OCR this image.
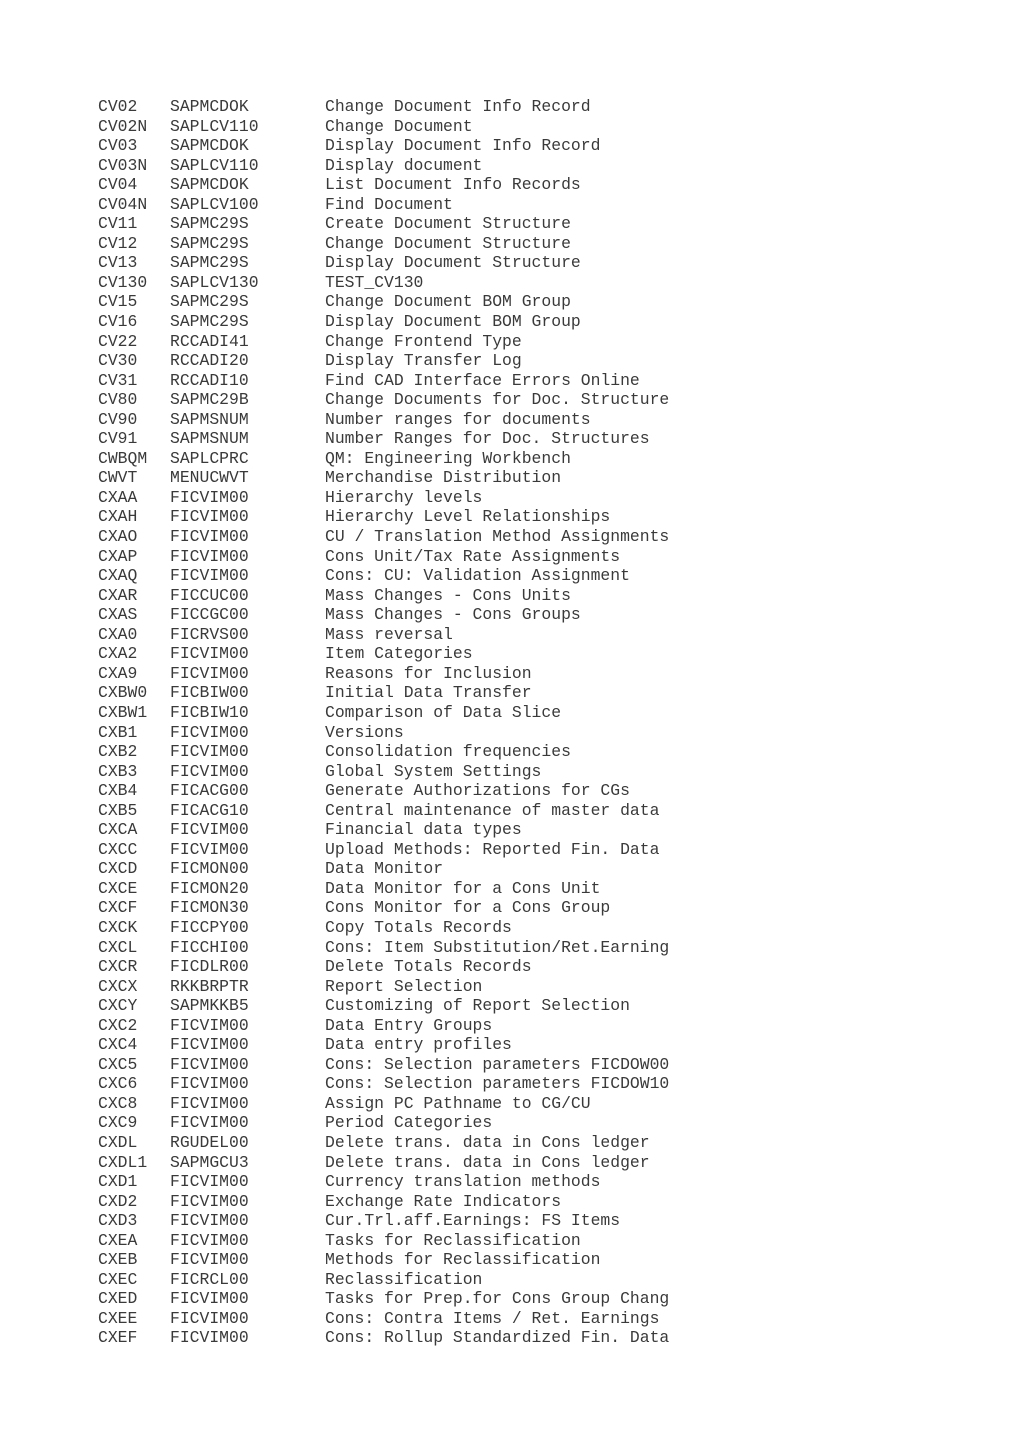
CV02	SAPMCDOK	Change Document Info Record
CV02N	SAPLCV110	Change Document
CV03	SAPMCDOK	Display Document Info Record
CV03N	SAPLCV110	Display document
CV04	SAPMCDOK	List Document Info Records
CV04N	SAPLCV100	Find Document
CV11	SAPMC29S	Create Document Structure
CV12	SAPMC29S	Change Document Structure
CV13	SAPMC29S	Display Document Structure
CV130	SAPLCV130	TEST_CV130
CV15	SAPMC29S	Change Document BOM Group
CV16	SAPMC29S	Display Document BOM Group
CV22	RCCADI41	Change Frontend Type
CV30	RCCADI20	Display Transfer Log
CV31	RCCADI10	Find CAD Interface Errors Online
CV80	SAPMC29B	Change Documents for Doc. Structure
CV90	SAPMSNUM	Number ranges for documents
CV91	SAPMSNUM	Number Ranges for Doc. Structures
CWBQM	SAPLCPRC	QM: Engineering Workbench
CWVT	MENUCWVT	Merchandise Distribution
CXAA	FICVIM00	Hierarchy levels
CXAH	FICVIM00	Hierarchy Level Relationships
CXAO	FICVIM00	CU / Translation Method Assignments
CXAP	FICVIM00	Cons Unit/Tax Rate Assignments
CXAQ	FICVIM00	Cons: CU: Validation Assignment
CXAR	FICCUC00	Mass Changes - Cons Units
CXAS	FICCGC00	Mass Changes - Cons Groups
CXA0	FICRVS00	Mass reversal
CXA2	FICVIM00	Item Categories
CXA9	FICVIM00	Reasons for Inclusion
CXBW0	FICBIW00	Initial Data Transfer
CXBW1	FICBIW10	Comparison of Data Slice
CXB1	FICVIM00	Versions
CXB2	FICVIM00	Consolidation frequencies
CXB3	FICVIM00	Global System Settings
CXB4	FICACG00	Generate Authorizations for CGs
CXB5	FICACG10	Central maintenance of master data
CXCA	FICVIM00	Financial data types
CXCC	FICVIM00	Upload Methods: Reported Fin. Data
CXCD	FICMON00	Data Monitor
CXCE	FICMON20	Data Monitor for a Cons Unit
CXCF	FICMON30	Cons Monitor for a Cons Group
CXCK	FICCPY00	Copy Totals Records
CXCL	FICCHI00	Cons: Item Substitution/Ret.Earning
CXCR	FICDLR00	Delete Totals Records
CXCX	RKKBRPTR	Report Selection
CXCY	SAPMKKB5	Customizing of Report Selection
CXC2	FICVIM00	Data Entry Groups
CXC4	FICVIM00	Data entry profiles
CXC5	FICVIM00	Cons: Selection parameters FICDOW00
CXC6	FICVIM00	Cons: Selection parameters FICDOW10
CXC8	FICVIM00	Assign PC Pathname to CG/CU
CXC9	FICVIM00	Period Categories
CXDL	RGUDEL00	Delete trans. data in Cons ledger
CXDL1	SAPMGCU3	Delete trans. data in Cons ledger
CXD1	FICVIM00	Currency translation methods
CXD2	FICVIM00	Exchange Rate Indicators
CXD3	FICVIM00	Cur.Trl.aff.Earnings: FS Items
CXEA	FICVIM00	Tasks for Reclassification
CXEB	FICVIM00	Methods for Reclassification
CXEC	FICRCL00	Reclassification
CXED	FICVIM00	Tasks for Prep.for Cons Group Chang
CXEE	FICVIM00	Cons: Contra Items / Ret. Earnings
CXEF	FICVIM00	Cons: Rollup Standardized Fin. Data
